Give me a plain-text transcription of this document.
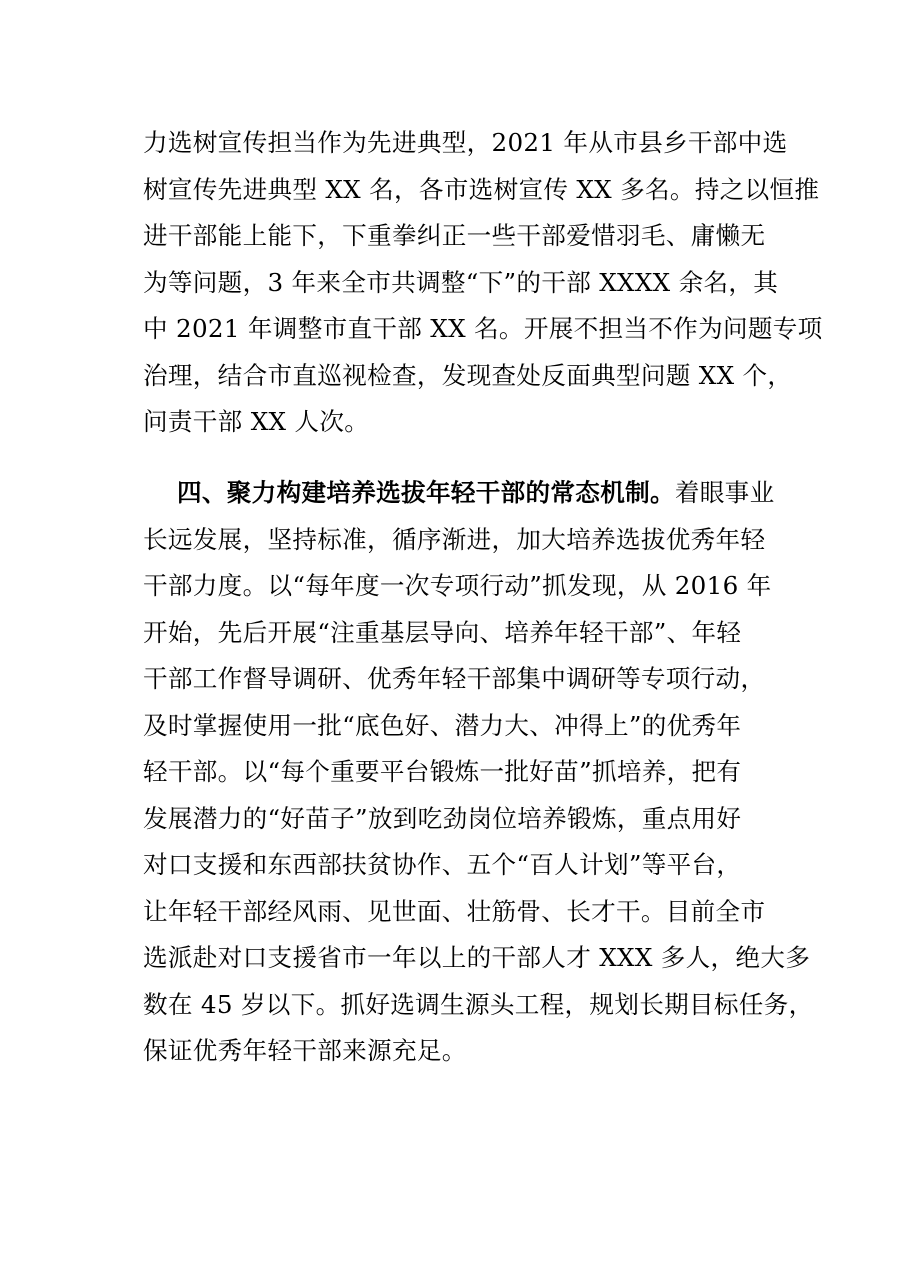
力选树宣传担当作为先进典型，2021 年从市县乡干部中选
树宣传先进典型 XX 名，各市选树宣传 XX 多名。持之以恒推
进干部能上能下，下重拳纠正一些干部爱惜羽毛、庸懒无
为等问题，3 年来全市共调整“下”的干部 XXXX 余名，其
中 2021 年调整市直干部 XX 名。开展不担当不作为问题专项
治理，结合市直巡视检查，发现查处反面典型问题 XX 个，
问责干部 XX 人次。
四、聚力构建培养选拔年轻干部的常态机制。着眼事业
长远发展，坚持标准，循序渐进，加大培养选拔优秀年轻
干部力度。以“每年度一次专项行动”抓发现，从 2016 年
开始，先后开展“注重基层导向、培养年轻干部”、年轻
干部工作督导调研、优秀年轻干部集中调研等专项行动，
及时掌握使用一批“底色好、潜力大、冲得上”的优秀年
轻干部。以“每个重要平台锻炼一批好苗”抓培养，把有
发展潜力的“好苗子”放到吃劲岗位培养锻炼，重点用好
对口支援和东西部扶贫协作、五个“百人计划”等平台，
让年轻干部经风雨、见世面、壮筋骨、长才干。目前全市
选派赴对口支援省市一年以上的干部人才 XXX 多人，绝大多
数在 45 岁以下。抓好选调生源头工程，规划长期目标任务，
保证优秀年轻干部来源充足。
